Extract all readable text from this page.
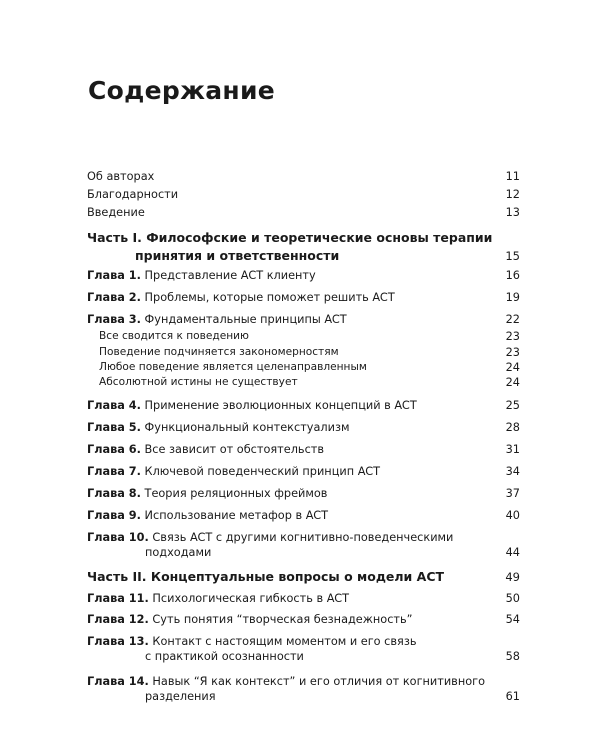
Содержание
Об авторах	11
Благодарности	12
Введение	13
Часть I. Философские и теоретические основы терапии
принятия и ответственности	15
Глава 1. Представление ACT клиенту	16
Глава 2. Проблемы, которые поможет решить ACT	19
Глава 3. Фундаментальные принципы ACT	22
Все сводится к поведению	23
Поведение подчиняется закономерностям	23
Любое поведение является целенаправленным	24
Абсолютной истины не существует	24
Глава 4. Применение эволюционных концепций в ACT	25
Глава 5. Функциональный контекстуализм	28
Глава 6. Все зависит от обстоятельств	31
Глава 7. Ключевой поведенческий принцип ACT	34
Глава 8. Теория реляционных фреймов	37
Глава 9. Использование метафор в ACT	40
Глава 10. Связь ACT с другими когнитивно-поведенческими
подходами	44
Часть II. Концептуальные вопросы о модели ACT	49
Глава 11. Психологическая гибкость в ACT	50
Глава 12. Суть понятия “творческая безнадежность”	54
Глава 13. Контакт с настоящим моментом и его связь
с практикой осознанности	58
Глава 14. Навык “Я как контекст” и его отличия от когнитивного
разделения	61
